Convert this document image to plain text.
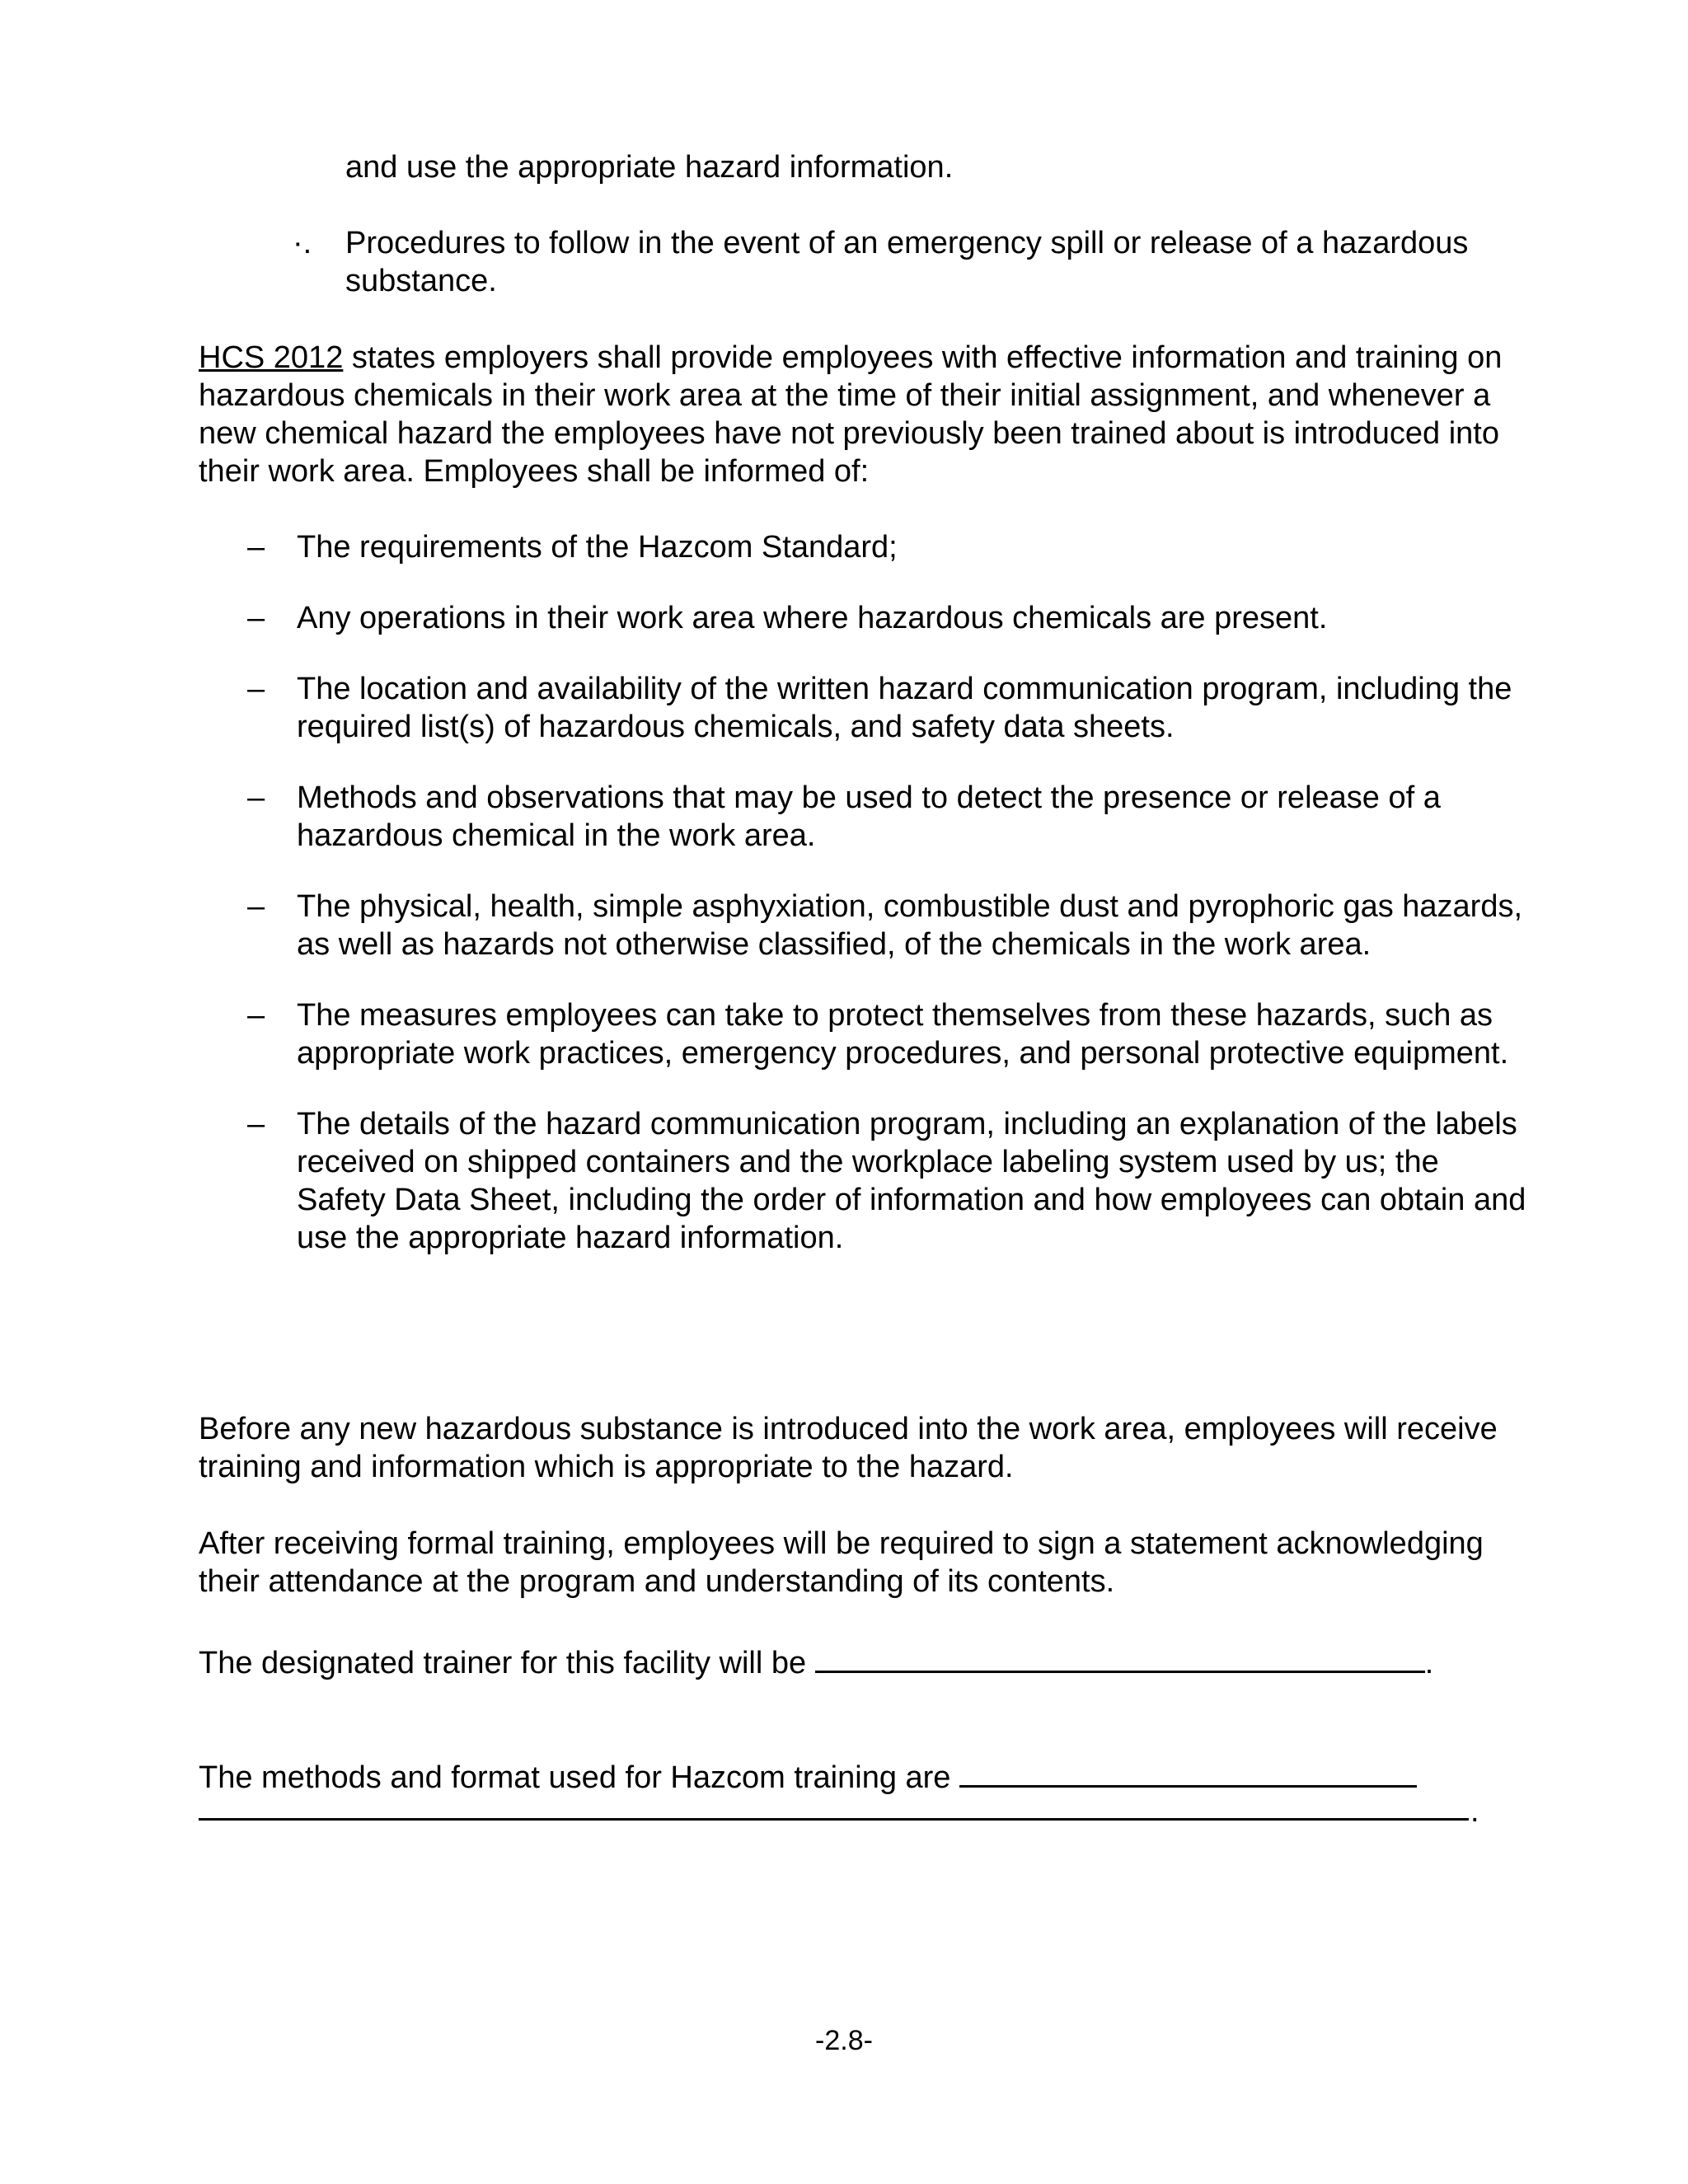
and use the appropriate hazard information.

·.	Procedures to follow in the event of an emergency spill or release of a hazardous substance.

HCS 2012 states employers shall provide employees with effective information and training on hazardous chemicals in their work area at the time of their initial assignment, and whenever a new chemical hazard the employees have not previously been trained about is introduced into their work area. Employees shall be informed of:

–	The requirements of the Hazcom Standard;
–	Any operations in their work area where hazardous chemicals are present.
–	The location and availability of the written hazard communication program, including the required list(s) of hazardous chemicals, and safety data sheets.
–	Methods and observations that may be used to detect the presence or release of a hazardous chemical in the work area.
–	The physical, health, simple asphyxiation, combustible dust and pyrophoric gas hazards, as well as hazards not otherwise classified, of the chemicals in the work area.
–	The measures employees can take to protect themselves from these hazards, such as appropriate work practices, emergency procedures, and personal protective equipment.
–	The details of the hazard communication program, including an explanation of the labels received on shipped containers and the workplace labeling system used by us; the Safety Data Sheet, including the order of information and how employees can obtain and use the appropriate hazard information.

Before any new hazardous substance is introduced into the work area, employees will receive training and information which is appropriate to the hazard.

After receiving formal training, employees will be required to sign a statement acknowledging their attendance at the program and understanding of its contents.

The designated trainer for this facility will be	.

The methods and format used for Hazcom training are

.
-2.8-
